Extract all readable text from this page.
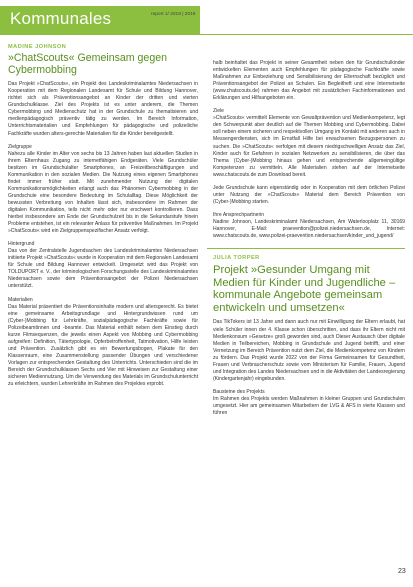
Kommunales	report 1/ 2019 | 2019
MADINE JOHNSON
»ChatScouts« Gemeinsam gegen Cybermobbing

Das Projekt »ChatScouts«, ein Projekt des Landeskriminalamtes Niedersachsen in Kooperation mit dem Regionalen Landesamt für Schule und Bildung Hannover, richtet sich als Präventionsangebot an Kinder der dritten und vierten Grundschulklasse. Ziel des Projekts ist es unter anderem, die Themen Cybermobbing und Medienschutz hat in der Grundschule zu thematisieren und medienpädagogisch präventiv tätig zu werden. Im Bereich Information, Unterrichtsmaterialien und Empfehlungen für pädagogische und polizeiliche Fachkräfte wurden alters-gerechte Materialien für die Kinder bereitgestellt.

Zielgruppe

Nahezu alle Kinder im Alter von sechs bis 13 Jahren haben laut aktuellen Studien in ihrem Elternhaus Zugang zu internetfähigen Endgeräten. Viele Grundschüler besitzen im Grundschulalter Smartphones, an Freizeitbeschäftigungen und Kommunikation in den sozialen Medien. Die Nutzung eines eigenen Smartphones findet immer früher statt. Mit zunehmender Nutzung der digitalen Kommunikationsmöglichkeiten erlangt auch das Phänomen Cybermobbing in der Grundschule eine besondere Bedeutung im Schulalltag. Diese Möglichkeit der bewussten Verbreitung von Inhalten lässt sich, insbesondere im Rahmen der digitalen Kommunikation, teils nicht mehr oder nur erschwert kontrollieren. Dass hierbei insbesondere am Ende der Grundschulzeit bis in die Sekundarstufe hinein Probleme entstehen, ist ein relevanter Anlass für präventive Maßnahmen. Im Projekt »ChatScouts« wird ein Zielgruppenspezifischer Ansatz verfolgt.

Hintergrund

Das von der Zentralstelle Jugendsachen des Landeskriminalamtes Niedersachsen initiierte Projekt »ChatScouts« wurde in Kooperation mit dem Regionalen Landesamt für Schule und Bildung Hannover entwickelt. Umgesetzt wird das Projekt von TOLDUPORT e. V., der kriminologischen Forschungsstelle des Landeskriminalamtes Niedersachsen sowie dem Präventionsangebot der Polizei Niedersachsen unterstützt.

Materialien

Das Material präsentiert die Präventionsinhalte modern und altersgerecht. Es bietet eine gemeinsame Arbeitsgrundlage und Hintergrundwissen rund um (Cyber-)Mobbing für Lehrkräfte, sozialpädagogische Fachkräfte sowie für Polizeibeamtinnen und -beamte. Das Material enthält neben dem Einstieg durch kurze Filmsequenzen, die jeweils einen Aspekt von Mobbing und Cybermobbing aufgreifen: Definition, Tätertypologie, Opferbetroffenheit, Tatmotivation, Hilfe leisten und Prävention. Zusätzlich gibt es ein Bewertungsbogen, Plakate für den Klassenraum, eine Zusammenstellung passender Übungen und verschiedener Vorlagen zur entsprechenden Gestaltung des Unterrichts. Unterschieden sind die im Bereich der Grundschulklassen Sechs und Vier mit Hinweisen zur Gestaltung einer sicheren Mediennutzung. Um die Verwendung des Materials im Grundschulunterricht zu erleichtern, wurden Lehrerkräfte im Rahmen des Projektes erprobt.

halb beinhaltet das Projekt in seiner Gesamtheit neben den für Grundschulkinder entwickelten Elementen auch Empfehlungen für pädagogische Fachkräfte sowie Maßnahmen zur Einbeziehung und Sensibilisierung der Elternschaft bezüglich und Präventionsangebot der Polizei an Schulen. Ein Begleitheft und eine Internetseite (www.chatscouts.de) rahmen das Angebot mit zusätzlichen Fachinformationen und Erklärungen und Hilfsangeboten ein.

Ziele

»ChatScouts« vermittelt Elemente von Gewaltprävention und Medienkompetenz, legt den Schwerpunkt aber deutlich auf die Themen Mobbing und Cybermobbing. Dabei soll neben einem sicheren und respektvollen Umgang im Kontakt mit anderen auch in Messengerdiensten, sich im Ernstfall Hilfe bei erwachsenen Bezugspersonen zu suchen. Die »ChatScouts« verfolgen mit diesem niedrigschwelligen Ansatz das Ziel, Kinder auch für Gefahren in sozialen Netzwerken zu sensibilisieren, die über das Thema (Cyber-)Mobbing hinaus gehen und entsprechende allgemeingültige Kompetenzen zu vermitteln. Alle Materialien stehen auf der Internetseite www.chatscouts.de zum Download bereit.

Jede Grundschule kann eigenständig oder in Kooperation mit dem örtlichen Polizei unter Nutzung der »ChatScouts« Material dem Bereich Prävention von (Cyber-)Mobbing starten.

Ihre Ansprechpartnerin

Nadine Johnson, Landeskriminalamt Niedersachsen, Am Waterlooplatz 11, 30169 Hannover, E-Mail: praevention@polizei.niedersachsen.de, Internet: www.chatscouts.de, www.polizei-praevention.niedersachsen/kinder_und_jugend/

JULIA TORPER
Projekt »Gesunder Umgang mit Medien für Kinder und Jugendliche – kommunale Angebote gemeinsam entwickeln und umsetzen«

Das TikTokers ist 13 Jahre und dann auch nur mit Einwilligung der Eltern erlaubt, hat viele Schüler innen der 4. Klasse schon überschritten, und dass ihr Eltern nicht mit Medienkonsum »Gesetze« groß geworden sind, auch Dieser Austausch über digitale Medien in Teilbereichen, Mobbing in Grundschule und Jugend betrifft, und einer Vernetzung im Bereich Prävention nutzt dem Ziel, die Medienkompetenz von Kindern zu fördern. Das Projekt wurde 2022 von der Firma Gemeinsamen für Gesundheit, Frauen und Verbraucherschutz sowie vom Ministerium für Familie, Frauen, Jugend und Integration des Landes Niedersachsen und in die Aktivitäten der Landesregierung (Kindergartenjahr) eingebunden.

Bausteine des Projekts

Im Rahmen des Projekts werden Maßnahmen in kleiner Gruppen und Grundschulen umgesetzt. Hier am gemeinsamen Mitarbeitern der LVG & AFS in vierte Klassen und führen

23
